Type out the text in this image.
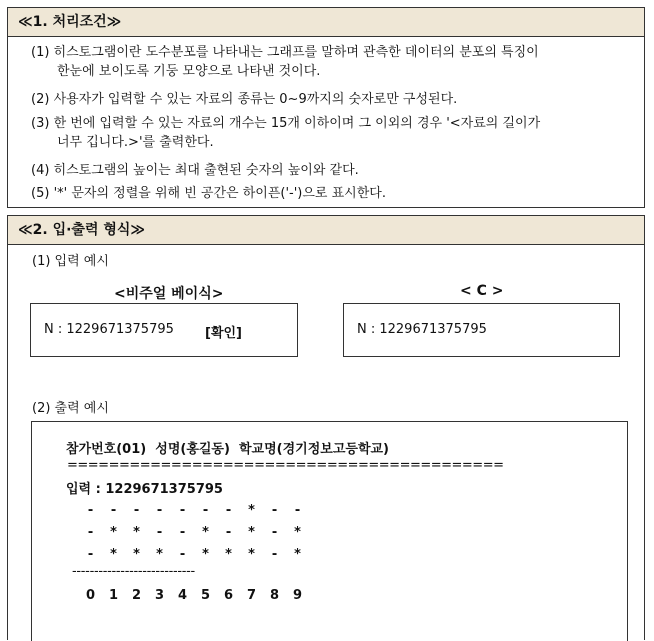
≪1. 처리조건≫
(1) 히스토그램이란 도수분포를 나타내는 그래프를 말하며 관측한 데이터의 분포의 특징이
한눈에 보이도록 기둥 모양으로 나타낸 것이다.
(2) 사용자가 입력할 수 있는 자료의 종류는 0~9까지의 숫자로만 구성된다.
(3) 한 번에 입력할 수 있는 자료의 개수는 15개 이하이며 그 이외의 경우 '<자료의 길이가
너무 깁니다.>'를 출력한다.
(4) 히스토그램의 높이는 최대 출현된 숫자의 높이와 같다.
(5) '*' 문자의 정렬을 위해 빈 공간은 하이픈('-')으로 표시한다.
≪2. 입·출력 형식≫
(1) 입력 예시
<비주얼 베이식>	< C >
N : 1229671375795 [확인]	N : 1229671375795
(2) 출력 예시
참가번호(01)  성명(홍길동)  학교명(경기정보고등학교)
==========================================
입력 : 1229671375795
- - - - - - - * - -
- * * - - * - * - *
- * * * - * * * - *
----------------------------
0 1 2 3 4 5 6 7 8 9
